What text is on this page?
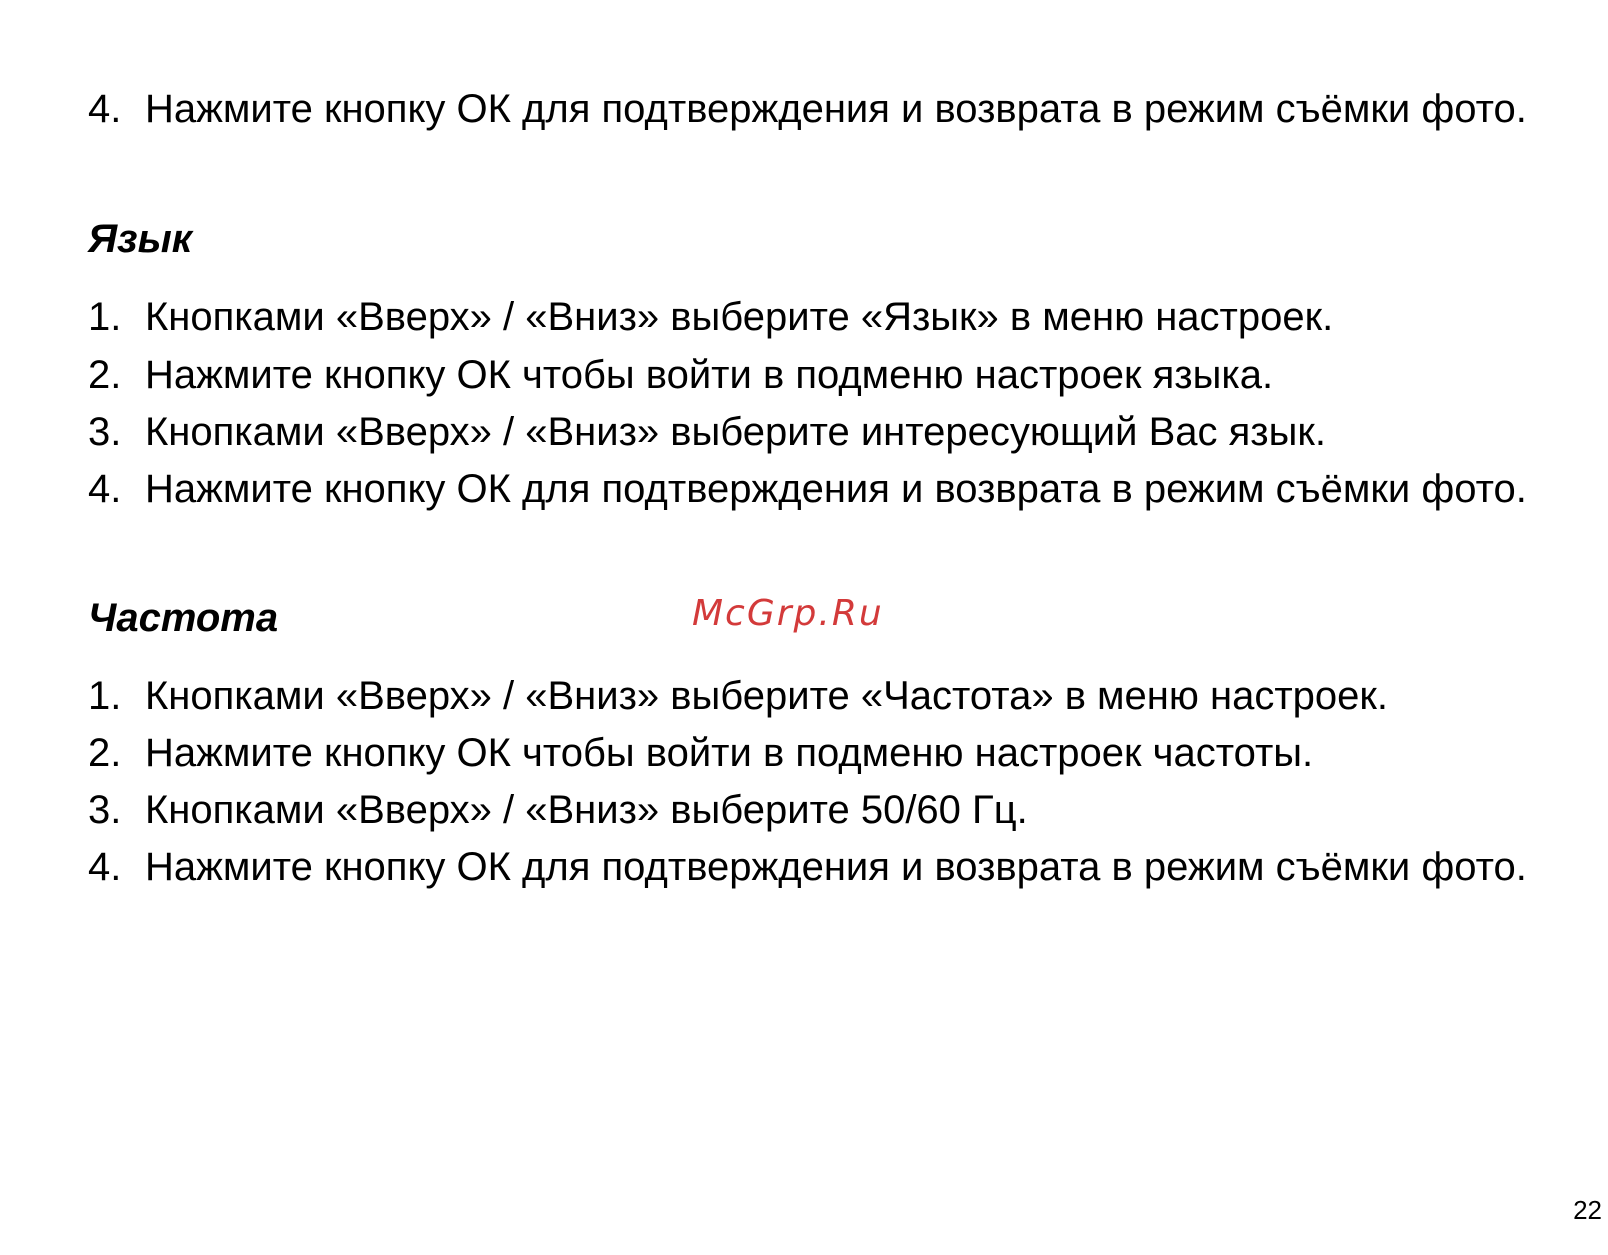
4. Нажмите кнопку ОК для подтверждения и возврата в режим съёмки фото.
Язык
1. Кнопками «Вверх» / «Вниз» выберите «Язык» в меню настроек.
2. Нажмите кнопку ОК чтобы войти в подменю настроек языка.
3. Кнопками «Вверх» / «Вниз» выберите интересующий Вас язык.
4. Нажмите кнопку ОК для подтверждения и возврата в режим съёмки фото.
Частота	McGrp.Ru
1. Кнопками «Вверх» / «Вниз» выберите «Частота» в меню настроек.
2. Нажмите кнопку ОК чтобы войти в подменю настроек частоты.
3. Кнопками «Вверх» / «Вниз» выберите 50/60 Гц.
4. Нажмите кнопку ОК для подтверждения и возврата в режим съёмки фото.
22
